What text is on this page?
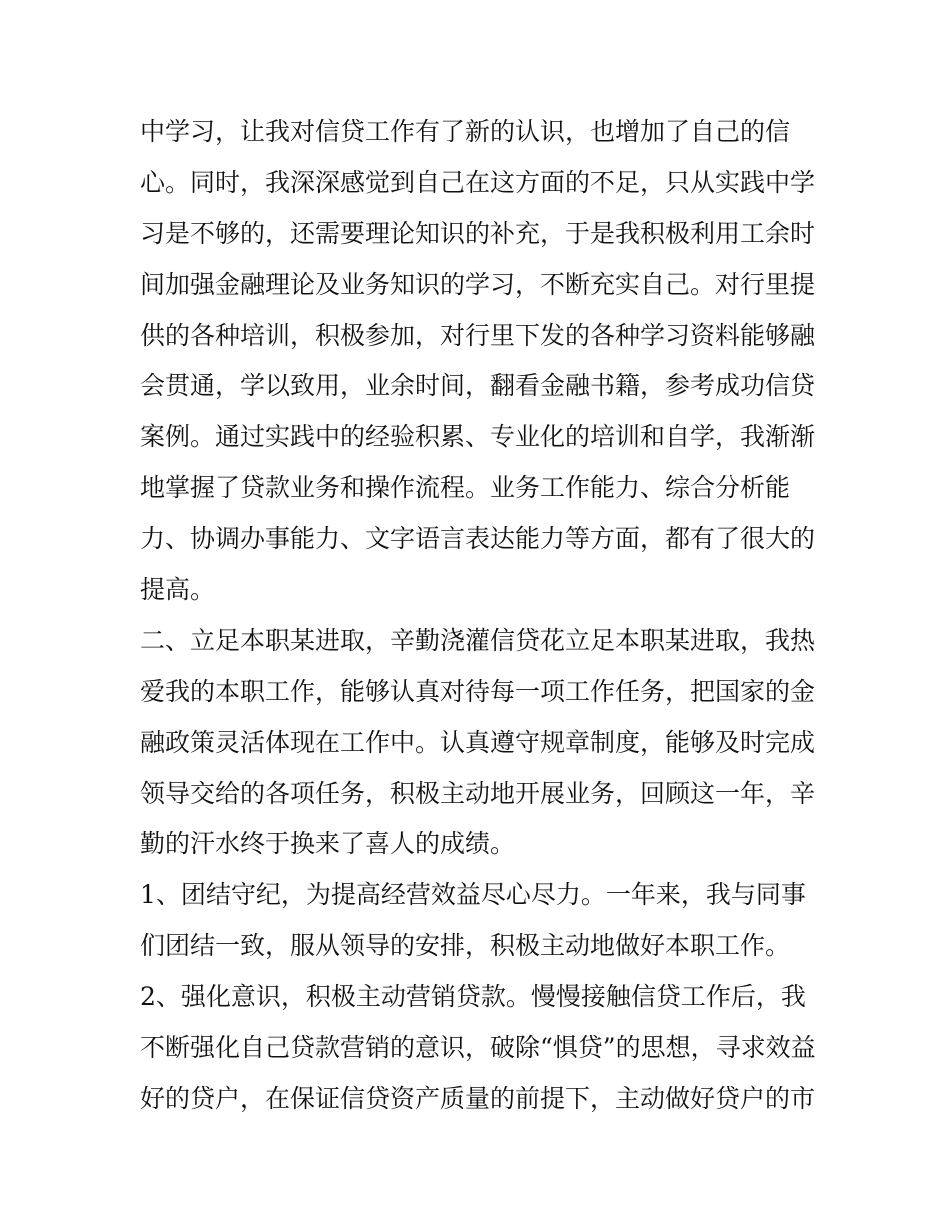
中学习，让我对信贷工作有了新的认识，也增加了自己的信
心。同时，我深深感觉到自己在这方面的不足，只从实践中学
习是不够的，还需要理论知识的补充，于是我积极利用工余时
间加强金融理论及业务知识的学习，不断充实自己。对行里提
供的各种培训，积极参加，对行里下发的各种学习资料能够融
会贯通，学以致用，业余时间，翻看金融书籍，参考成功信贷
案例。通过实践中的经验积累、专业化的培训和自学，我渐渐
地掌握了贷款业务和操作流程。业务工作能力、综合分析能
力、协调办事能力、文字语言表达能力等方面，都有了很大的
提高。
二、立足本职某进取，辛勤浇灌信贷花立足本职某进取，我热
爱我的本职工作，能够认真对待每一项工作任务，把国家的金
融政策灵活体现在工作中。认真遵守规章制度，能够及时完成
领导交给的各项任务，积极主动地开展业务，回顾这一年，辛
勤的汗水终于换来了喜人的成绩。
1、团结守纪，为提高经营效益尽心尽力。一年来，我与同事
们团结一致，服从领导的安排，积极主动地做好本职工作。
2、强化意识，积极主动营销贷款。慢慢接触信贷工作后，我
不断强化自己贷款营销的意识，破除“惧贷”的思想，寻求效益
好的贷户，在保证信贷资产质量的前提下，主动做好贷户的市
